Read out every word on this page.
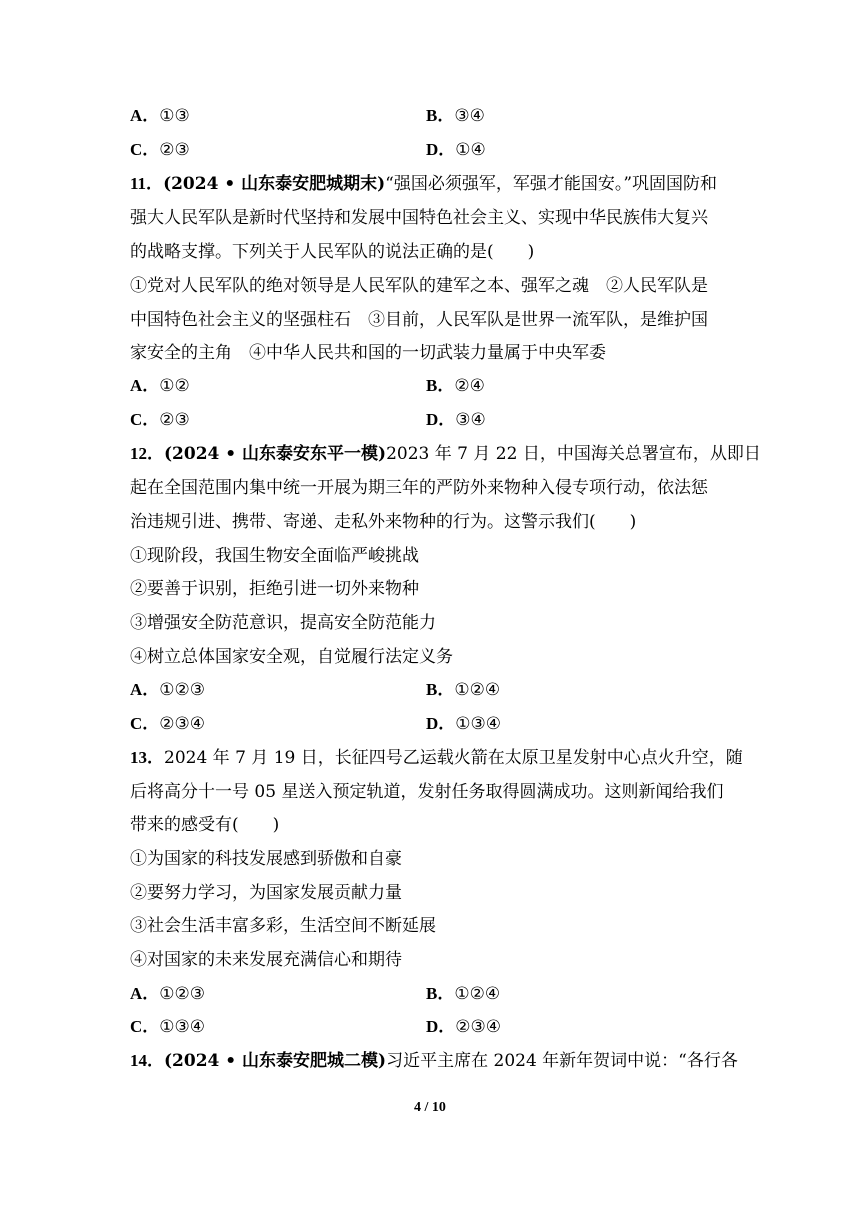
A．①③	B．③④
C．②③	D．①④
11．(2024 • 山东泰安肥城期末)“强国必须强军，军强才能国安。”巩固国防和
强大人民军队是新时代坚持和发展中国特色社会主义、实现中华民族伟大复兴
的战略支撑。下列关于人民军队的说法正确的是(　　)
①党对人民军队的绝对领导是人民军队的建军之本、强军之魂　②人民军队是
中国特色社会主义的坚强柱石　③目前，人民军队是世界一流军队，是维护国
家安全的主角　④中华人民共和国的一切武装力量属于中央军委
A．①②	B．②④
C．②③	D．③④
12．(2024 • 山东泰安东平一模)2023 年 7 月 22 日，中国海关总署宣布，从即日
起在全国范围内集中统一开展为期三年的严防外来物种入侵专项行动，依法惩
治违规引进、携带、寄递、走私外来物种的行为。这警示我们(　　)
①现阶段，我国生物安全面临严峻挑战
②要善于识别，拒绝引进一切外来物种
③增强安全防范意识，提高安全防范能力
④树立总体国家安全观，自觉履行法定义务
A．①②③	B．①②④
C．②③④	D．①③④
13．2024 年 7 月 19 日，长征四号乙运载火箭在太原卫星发射中心点火升空，随
后将高分十一号 05 星送入预定轨道，发射任务取得圆满成功。这则新闻给我们
带来的感受有(　　)
①为国家的科技发展感到骄傲和自豪
②要努力学习，为国家发展贡献力量
③社会生活丰富多彩，生活空间不断延展
④对国家的未来发展充满信心和期待
A．①②③	B．①②④
C．①③④	D．②③④
14．(2024 • 山东泰安肥城二模)习近平主席在 2024 年新年贺词中说：“各行各
4 / 10
